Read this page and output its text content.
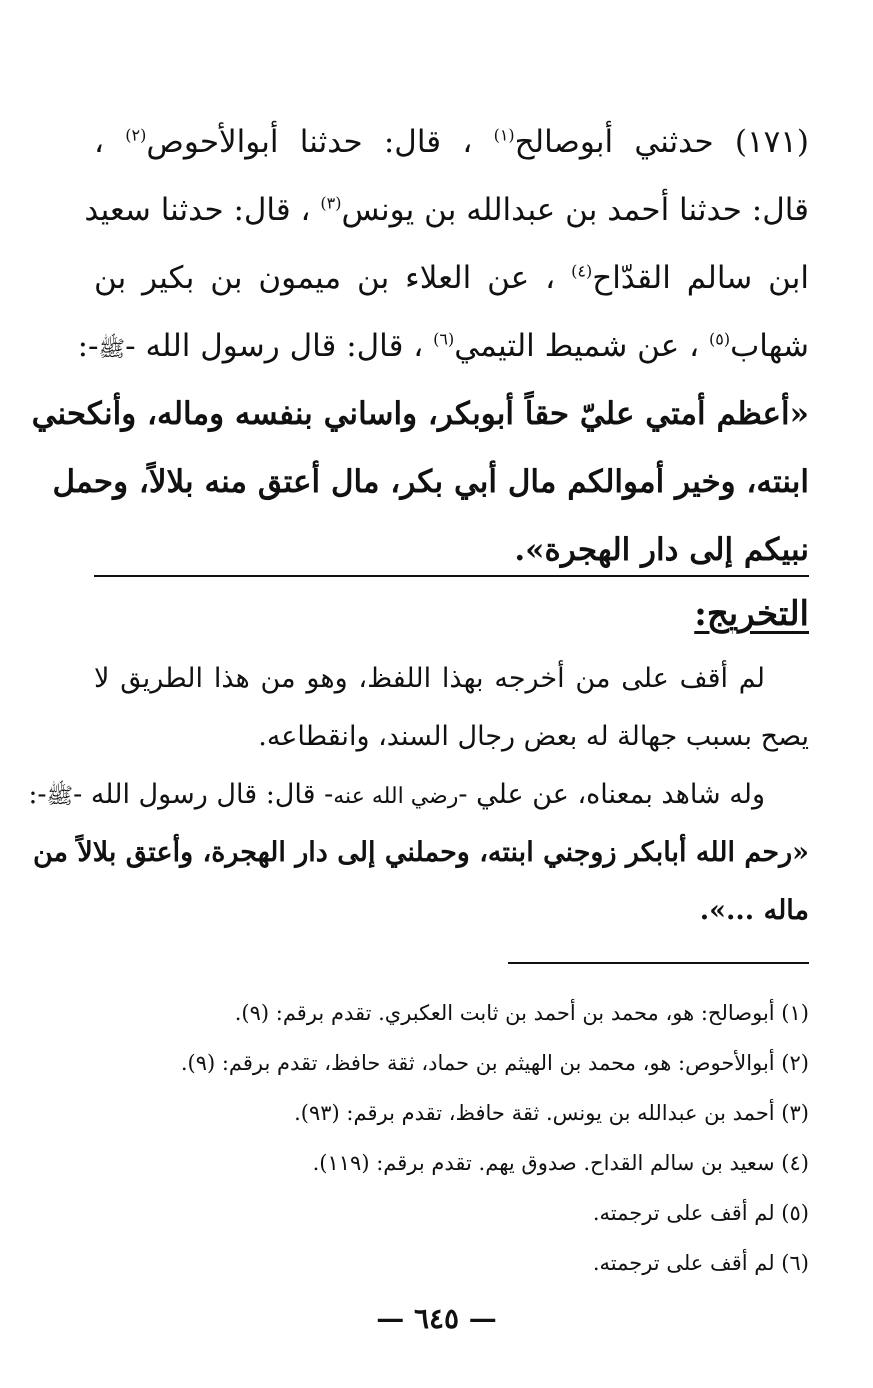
(١٧١) حدثني أبوصالح$^{(١)}$ ، قال: حدثنا أبوالأحوص$^{(٢)}$ ،
قال: حدثنا أحمد بن عبدالله بن يونس$^{(٣)}$ ، قال: حدثنا سعيد
ابن سالم القدّاح$^{(٤)}$ ، عن العلاء بن ميمون بن بكير بن
شهاب$^{(٥)}$ ، عن شميط التيمي$^{(٦)}$ ، قال: قال رسول الله -ﷺ-:
«أعظم أمتي عليّ حقاً أبوبكر، واساني بنفسه وماله، وأنكحني
ابنته، وخير أموالكم مال أبي بكر، مال أعتق منه بلالاً، وحمل
نبيكم إلى دار الهجرة».
التخريج:
لم أقف على من أخرجه بهذا اللفظ، وهو من هذا الطريق لا
يصح بسبب جهالة له بعض رجال السند، وانقطاعه.
وله شاهد بمعناه، عن علي -رضي الله عنه- قال: قال رسول الله -ﷺ-:
«رحم الله أبابكر زوجني ابنته، وحملني إلى دار الهجرة، وأعتق بلالاً من
ماله ...».
(١) أبوصالح: هو، محمد بن أحمد بن ثابت العكبري. تقدم برقم: (٩).
(٢) أبوالأحوص: هو، محمد بن الهيثم بن حماد، ثقة حافظ، تقدم برقم: (٩).
(٣) أحمد بن عبدالله بن يونس. ثقة حافظ، تقدم برقم: (٩٣).
(٤) سعيد بن سالم القداح. صدوق يهم. تقدم برقم: (١١٩).
(٥) لم أقف على ترجمته.
(٦) لم أقف على ترجمته.
— ٦٤٥ —
